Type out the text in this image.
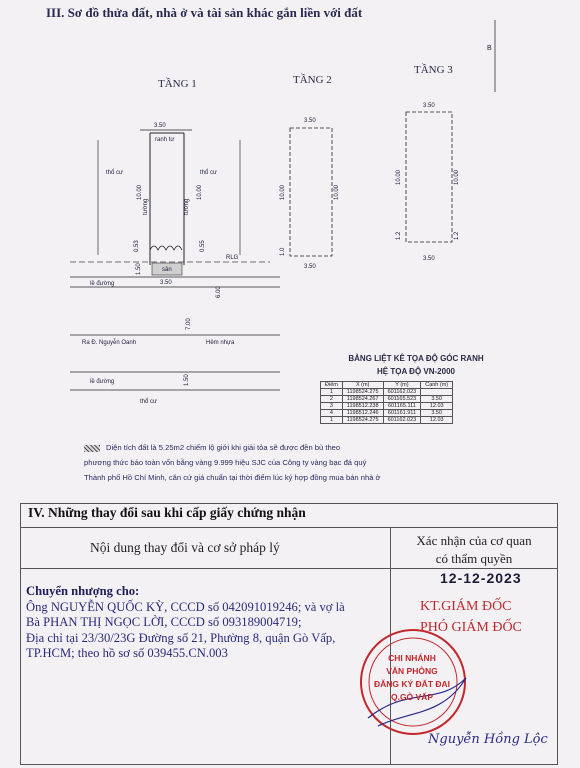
III. Sơ đồ thửa đất, nhà ở và tài sản khác gắn liền với đất
TẦNG 1	TẦNG 2
TẦNG 3
B
3.50
ranh tư
tường	tường
10.00	10.00
thổ cư	thổ cư
sân
0.53	0.55
1.50
RLG
lề đường	3.50
6.00
7.00
Ra Đ. Nguyễn Oanh	Hẻm nhựa
lề đường	1.50
thổ cư
3.50
10.00	10.00
1.0
3.50
3.50
10.00	10.00
1.2	1.2
3.50
BẢNG LIỆT KÊ TỌA ĐỘ GÓC RANH
HỆ TỌA ĐỘ VN-2000
Điểm	X (m)	Y (m)	Cạnh (m)
1	1198524.275	601162.023	
2	1198524.267	601165.523	3.50
3	1198512.238	601165.111	12.03
4	1198512.246	601161.911	3.50
1	1198524.275	601162.023	12.03
Diện tích đất là 5.25m2 chiếm lộ giới khi giải tỏa sẽ được đền bù theo
phương thức bảo toàn vốn bằng vàng 9.999 hiệu SJC của Công ty vàng bạc đá quý
Thành phố Hồ Chí Minh, căn cứ giá chuẩn tại thời điểm lúc ký hợp đồng mua bán nhà ở
IV. Những thay đổi sau khi cấp giấy chứng nhận
Nội dung thay đổi và cơ sở pháp lý	Xác nhận của cơ quan
có thẩm quyền
Chuyển nhượng cho:
Ông NGUYỄN QUỐC KỲ, CCCD số 042091019246; và vợ là
Bà PHAN THỊ NGỌC LỜI, CCCD số 093189004719;
Địa chỉ tại 23/30/23G Đường số 21, Phường 8, quận Gò Vấp,
TP.HCM; theo hồ sơ số 039455.CN.003
12-12-2023
KT.GIÁM ĐỐC
PHÓ GIÁM ĐỐC
CHI NHÁNH
VĂN PHÒNG
ĐĂNG KÝ ĐẤT ĐAI
Q.GÒ VẤP
Nguyễn Hồng Lộc
